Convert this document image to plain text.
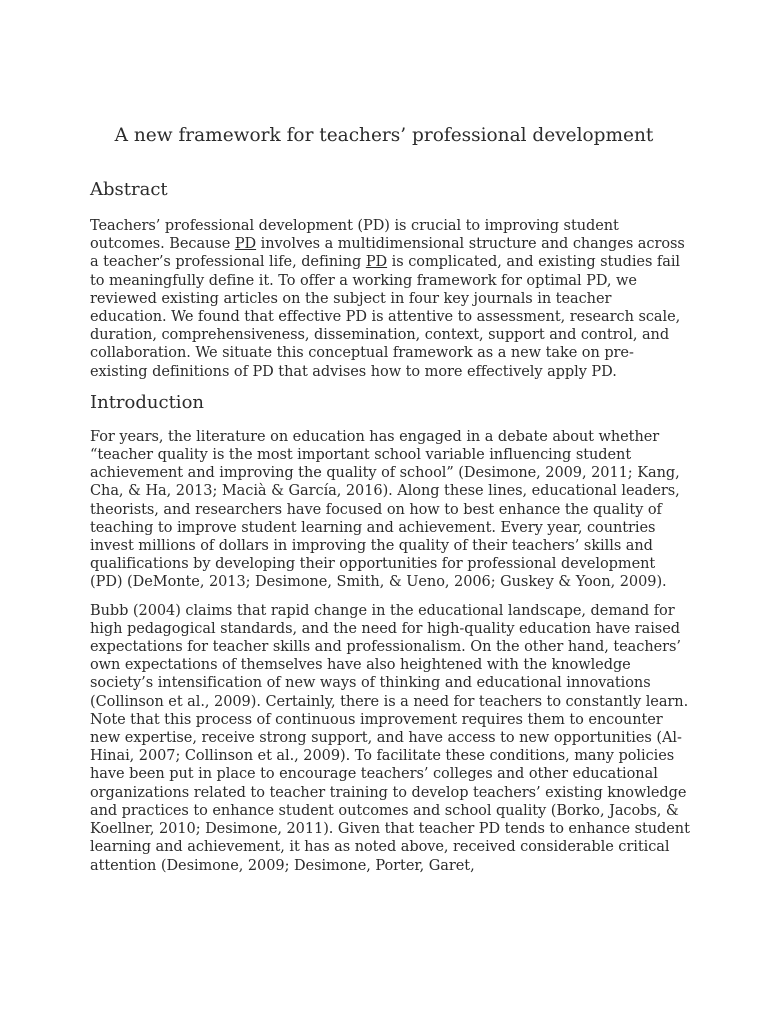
A new framework for teachers’ professional development
Abstract

Teachers’ professional development (PD) is crucial to improving student outcomes. Because PD involves a multidimensional structure and changes across a teacher’s professional life, defining PD is complicated, and existing studies fail to meaningfully define it. To offer a working framework for optimal PD, we reviewed existing articles on the subject in four key journals in teacher education. We found that effective PD is attentive to assessment, research scale, duration, comprehensiveness, dissemination, context, support and control, and collaboration. We situate this conceptual framework as a new take on pre-existing definitions of PD that advises how to more effectively apply PD.

Introduction

For years, the literature on education has engaged in a debate about whether “teacher quality is the most important school variable influencing student achievement and improving the quality of school” (Desimone, 2009, 2011; Kang, Cha, & Ha, 2013; Macià & García, 2016). Along these lines, educational leaders, theorists, and researchers have focused on how to best enhance the quality of teaching to improve student learning and achievement. Every year, countries invest millions of dollars in improving the quality of their teachers’ skills and qualifications by developing their opportunities for professional development (PD) (DeMonte, 2013; Desimone, Smith, & Ueno, 2006; Guskey & Yoon, 2009).

Bubb (2004) claims that rapid change in the educational landscape, demand for high pedagogical standards, and the need for high-quality education have raised expectations for teacher skills and professionalism. On the other hand, teachers’ own expectations of themselves have also heightened with the knowledge society’s intensification of new ways of thinking and educational innovations (Collinson et al., 2009). Certainly, there is a need for teachers to constantly learn. Note that this process of continuous improvement requires them to encounter new expertise, receive strong support, and have access to new opportunities (Al-Hinai, 2007; Collinson et al., 2009). To facilitate these conditions, many policies have been put in place to encourage teachers’ colleges and other educational organizations related to teacher training to develop teachers’ existing knowledge and practices to enhance student outcomes and school quality (Borko, Jacobs, & Koellner, 2010; Desimone, 2011). Given that teacher PD tends to enhance student learning and achievement, it has as noted above, received considerable critical attention (Desimone, 2009; Desimone, Porter, Garet,
